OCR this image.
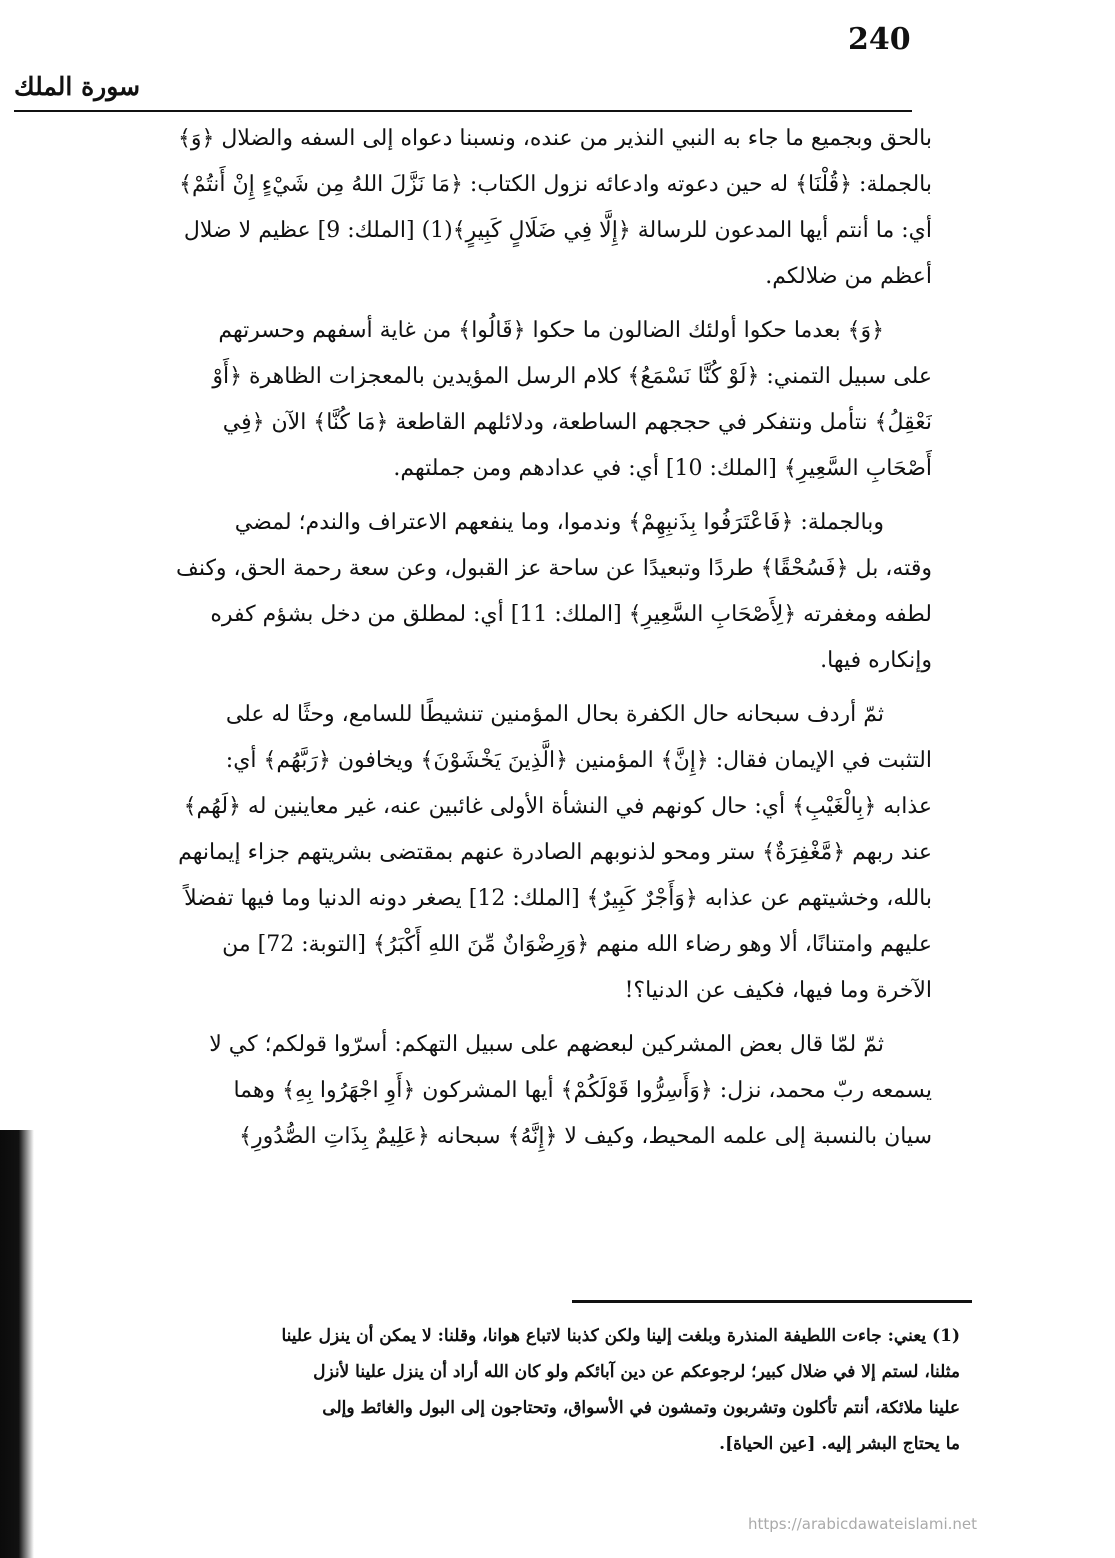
240
سورة الملك
بالحق وبجميع ما جاء به النبي النذير من عنده، ونسبنا دعواه إلى السفه والضلال ﴿وَ﴾
بالجملة: ﴿قُلْنَا﴾ له حين دعوته وادعائه نزول الكتاب: ﴿مَا نَزَّلَ اللهُ مِن شَيْءٍ إِنْ أَنتُمْ﴾
أي: ما أنتم أيها المدعون للرسالة ﴿إِلَّا فِي ضَلَالٍ كَبِيرٍ﴾(1) [الملك: 9] عظيم لا ضلال
أعظم من ضلالكم.
﴿وَ﴾ بعدما حكوا أولئك الضالون ما حكوا ﴿قَالُوا﴾ من غاية أسفهم وحسرتهم
على سبيل التمني: ﴿لَوْ كُنَّا نَسْمَعُ﴾ كلام الرسل المؤيدين بالمعجزات الظاهرة ﴿أَوْ
نَعْقِلُ﴾ نتأمل ونتفكر في حججهم الساطعة، ودلائلهم القاطعة ﴿مَا كُنَّا﴾ الآن ﴿فِي
أَصْحَابِ السَّعِيرِ﴾ [الملك: 10] أي: في عدادهم ومن جملتهم.
وبالجملة: ﴿فَاعْتَرَفُوا بِذَنبِهِمْ﴾ وندموا، وما ينفعهم الاعتراف والندم؛ لمضي
وقته، بل ﴿فَسُحْقًا﴾ طردًا وتبعيدًا عن ساحة عز القبول، وعن سعة رحمة الحق، وكنف
لطفه ومغفرته ﴿لِأَصْحَابِ السَّعِيرِ﴾ [الملك: 11] أي: لمطلق من دخل بشؤم كفره
وإنكاره فيها.
ثمّ أردف سبحانه حال الكفرة بحال المؤمنين تنشيطًا للسامع، وحثًا له على
التثبت في الإيمان فقال: ﴿إِنَّ﴾ المؤمنين ﴿الَّذِينَ يَخْشَوْنَ﴾ ويخافون ﴿رَبَّهُم﴾ أي:
عذابه ﴿بِالْغَيْبِ﴾ أي: حال كونهم في النشأة الأولى غائبين عنه، غير معاينين له ﴿لَهُم﴾
عند ربهم ﴿مَّغْفِرَةٌ﴾ ستر ومحو لذنوبهم الصادرة عنهم بمقتضى بشريتهم جزاء إيمانهم
بالله، وخشيتهم عن عذابه ﴿وَأَجْرٌ كَبِيرٌ﴾ [الملك: 12] يصغر دونه الدنيا وما فيها تفضلاً
عليهم وامتنانًا، ألا وهو رضاء الله منهم ﴿وَرِضْوَانٌ مِّنَ اللهِ أَكْبَرُ﴾ [التوبة: 72] من
الآخرة وما فيها، فكيف عن الدنيا؟!
ثمّ لمّا قال بعض المشركين لبعضهم على سبيل التهكم: أسرّوا قولكم؛ كي لا
يسمعه ربّ محمد، نزل: ﴿وَأَسِرُّوا قَوْلَكُمْ﴾ أيها المشركون ﴿أَوِ اجْهَرُوا بِهِ﴾ وهما
سيان بالنسبة إلى علمه المحيط، وكيف لا ﴿إِنَّهُ﴾ سبحانه ﴿عَلِيمٌ بِذَاتِ الصُّدُورِ﴾
(1) يعني: جاءت اللطيفة المنذرة وبلغت إلينا ولكن كذبنا لاتباع هوانا، وقلنا: لا يمكن أن ينزل علينا
مثلنا، لستم إلا في ضلال كبير؛ لرجوعكم عن دين آبائكم ولو كان الله أراد أن ينزل علينا لأنزل
علينا ملائكة، أنتم تأكلون وتشربون وتمشون في الأسواق، وتحتاجون إلى البول والغائط وإلى
ما يحتاج البشر إليه. [عين الحياة].
https://arabicdawateislami.net
